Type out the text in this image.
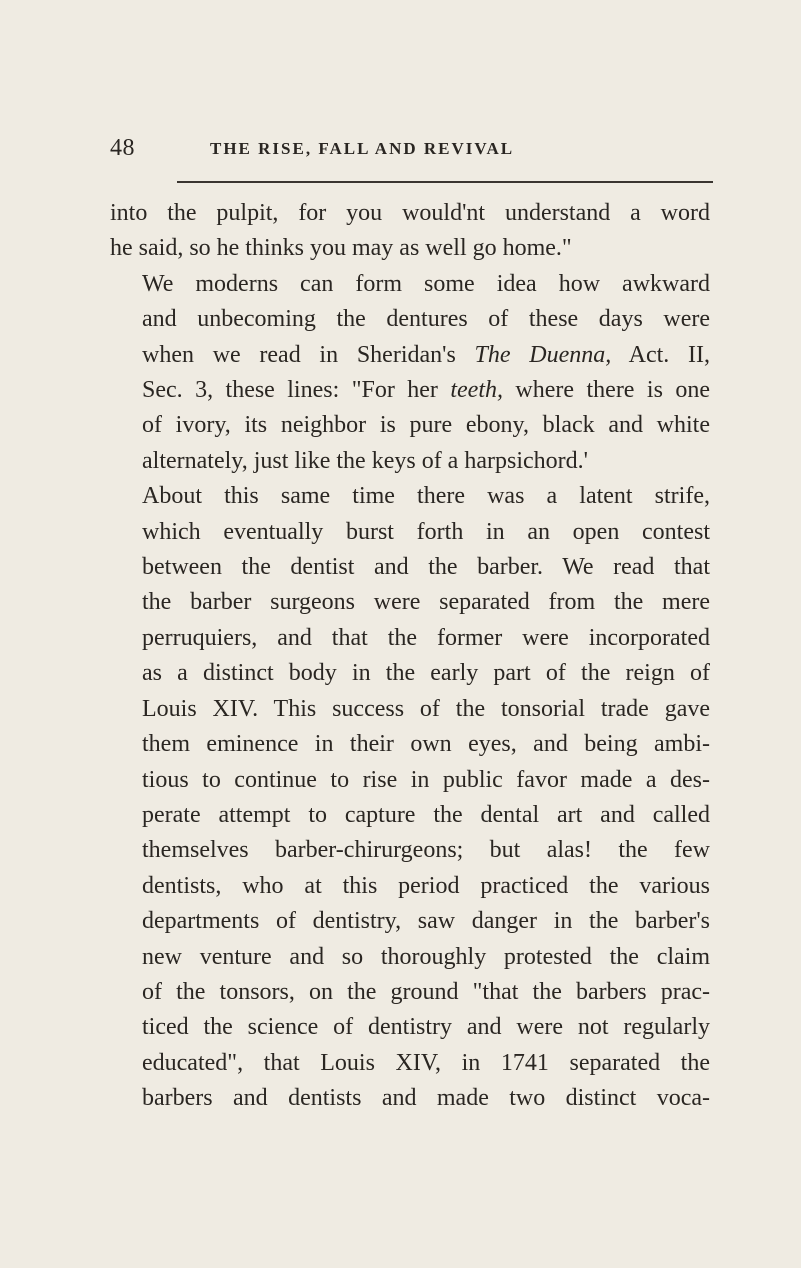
48	THE RISE, FALL AND REVIVAL

into the pulpit, for you would'nt understand a word
he said, so he thinks you may as well go home."

We moderns can form some idea how awkward
and unbecoming the dentures of these days were
when we read in Sheridan's The Duenna, Act. II,
Sec. 3, these lines: "For her teeth, where there is one
of ivory, its neighbor is pure ebony, black and white
alternately, just like the keys of a harpsichord.'

About this same time there was a latent strife,
which eventually burst forth in an open contest
between the dentist and the barber. We read that
the barber surgeons were separated from the mere
perruquiers, and that the former were incorporated
as a distinct body in the early part of the reign of
Louis XIV. This success of the tonsorial trade gave
them eminence in their own eyes, and being ambi-
tious to continue to rise in public favor made a des-
perate attempt to capture the dental art and called
themselves barber-chirurgeons; but alas! the few
dentists, who at this period practiced the various
departments of dentistry, saw danger in the barber's
new venture and so thoroughly protested the claim
of the tonsors, on the ground "that the barbers prac-
ticed the science of dentistry and were not regularly
educated", that Louis XIV, in 1741 separated the
barbers and dentists and made two distinct voca-
